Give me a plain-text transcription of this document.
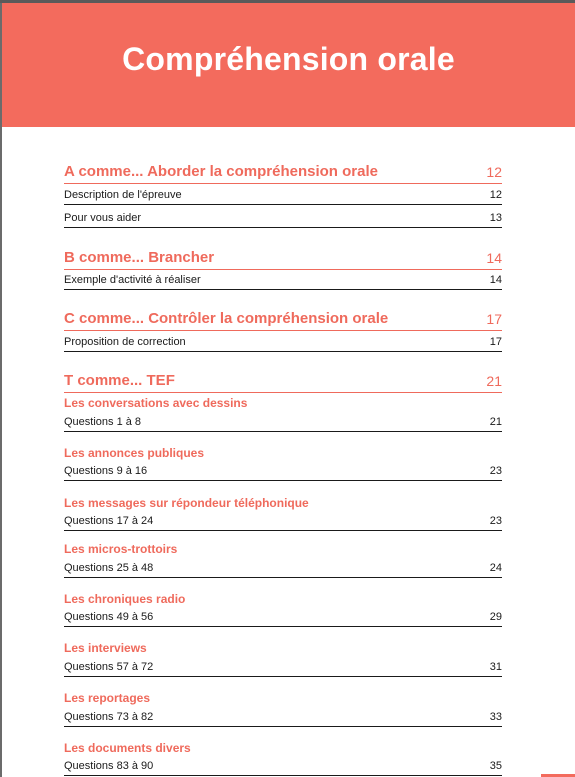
Compréhension orale
A comme... Aborder la compréhension orale	12
Description de l'épreuve	12
Pour vous aider	13
B comme... Brancher	14
Exemple d'activité à réaliser	14
C comme... Contrôler la compréhension orale	17
Proposition de correction	17
T comme... TEF	21
Les conversations avec dessins
Questions 1 à 8	21
Les annonces publiques
Questions 9 à 16	23
Les messages sur répondeur téléphonique
Questions 17 à 24	23
Les micros-trottoirs
Questions 25 à 48	24
Les chroniques radio
Questions 49 à 56	29
Les interviews
Questions 57 à 72	31
Les reportages
Questions 73 à 82	33
Les documents divers
Questions 83 à 90	35
